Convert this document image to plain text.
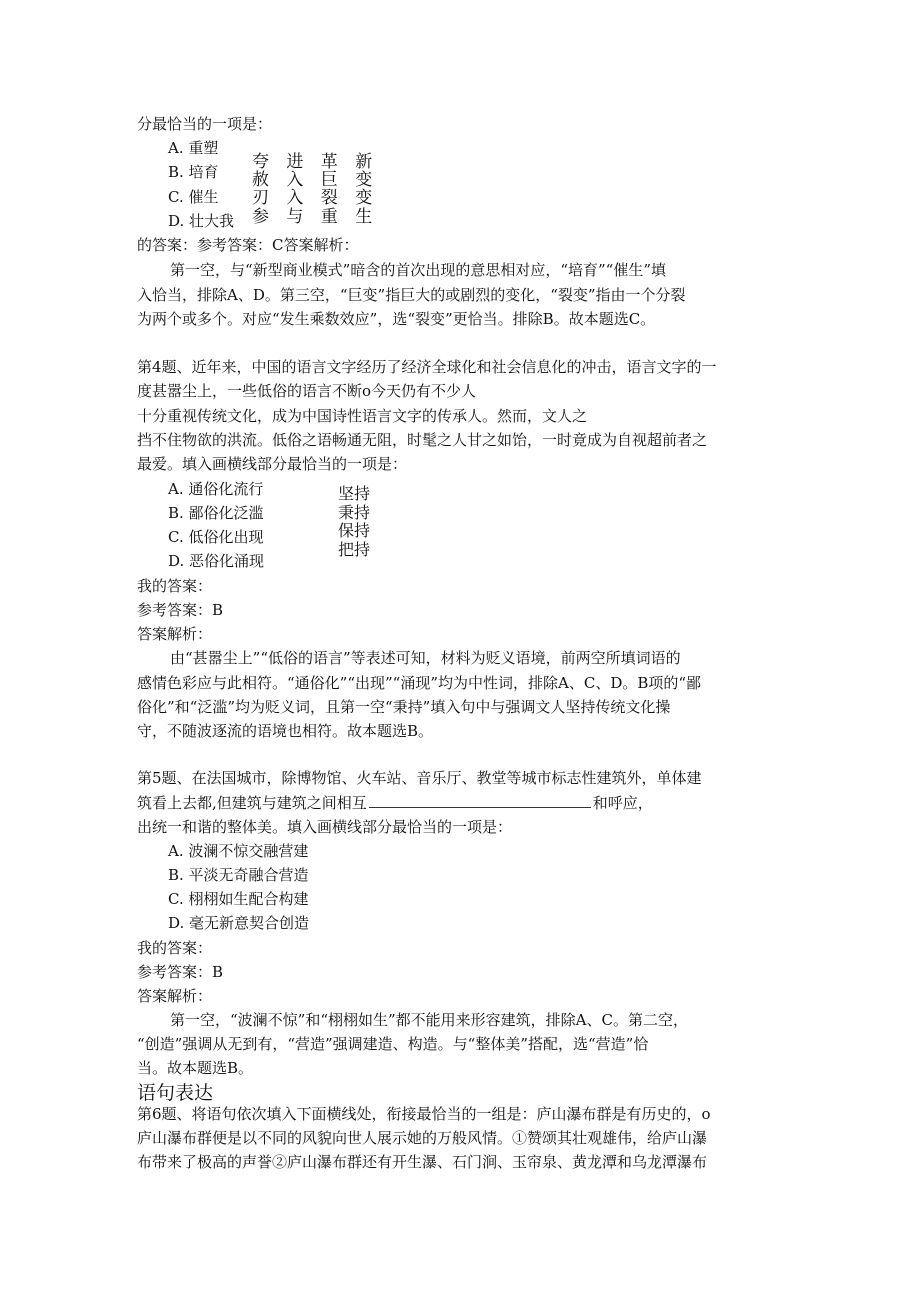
分最恰当的一项是：
A. 重塑
B. 培育
C. 催生
D. 壮大我
夸 进 革 新
赦 入 巨 变
刃 入 裂 变
参 与 重 生
的答案：参考答案：C答案解析：
第一空，与“新型商业模式”暗含的首次出现的意思相对应，“培育”“催生”填
入恰当，排除A、D。第三空，“巨变”指巨大的或剧烈的变化，“裂变”指由一个分裂
为两个或多个。对应“发生乘数效应”，选“裂变”更恰当。排除B。故本题选C。
第4题、近年来，中国的语言文字经历了经济全球化和社会信息化的冲击，语言文字的一
度甚嚣尘上，一些低俗的语言不断o今天仍有不少人
十分重视传统文化，成为中国诗性语言文字的传承人。然而，文人之
挡不住物欲的洪流。低俗之语畅通无阻，时髦之人甘之如饴，一时竟成为自视超前者之
最爱。填入画横线部分最恰当的一项是：
A. 通俗化流行
B. 鄙俗化泛滥
C. 低俗化出现
D. 恶俗化涌现
坚持
秉持
保持
把持
我的答案：
参考答案：B
答案解析：
由“甚嚣尘上”“低俗的语言”等表述可知，材料为贬义语境，前两空所填词语的
感情色彩应与此相符。“通俗化”“出现”“涌现”均为中性词，排除A、C、D。B项的“鄙
俗化”和“泛滥”均为贬义词，且第一空“秉持”填入句中与强调文人坚持传统文化操
守，不随波逐流的语境也相符。故本题选B。
第5题、在法国城市，除博物馆、火车站、音乐厅、教堂等城市标志性建筑外，单体建
筑看上去都,但建筑与建筑之间相互	和呼应，
出统一和谐的整体美。填入画横线部分最恰当的一项是：
A. 波澜不惊交融营建
B. 平淡无奇融合营造
C. 栩栩如生配合构建
D. 毫无新意契合创造
我的答案：
参考答案：B
答案解析：
第一空，“波澜不惊”和“栩栩如生”都不能用来形容建筑，排除A、C。第二空，
“创造”强调从无到有，“营造”强调建造、构造。与“整体美”搭配，选“营造”恰
当。故本题选B。
语句表达
第6题、将语句依次填入下面横线处，衔接最恰当的一组是：庐山瀑布群是有历史的，o
庐山瀑布群便是以不同的风貌向世人展示她的万般风情。①赞颂其壮观雄伟，给庐山瀑
布带来了极高的声誉②庐山瀑布群还有开生瀑、石门涧、玉帘泉、黄龙潭和乌龙潭瀑布
